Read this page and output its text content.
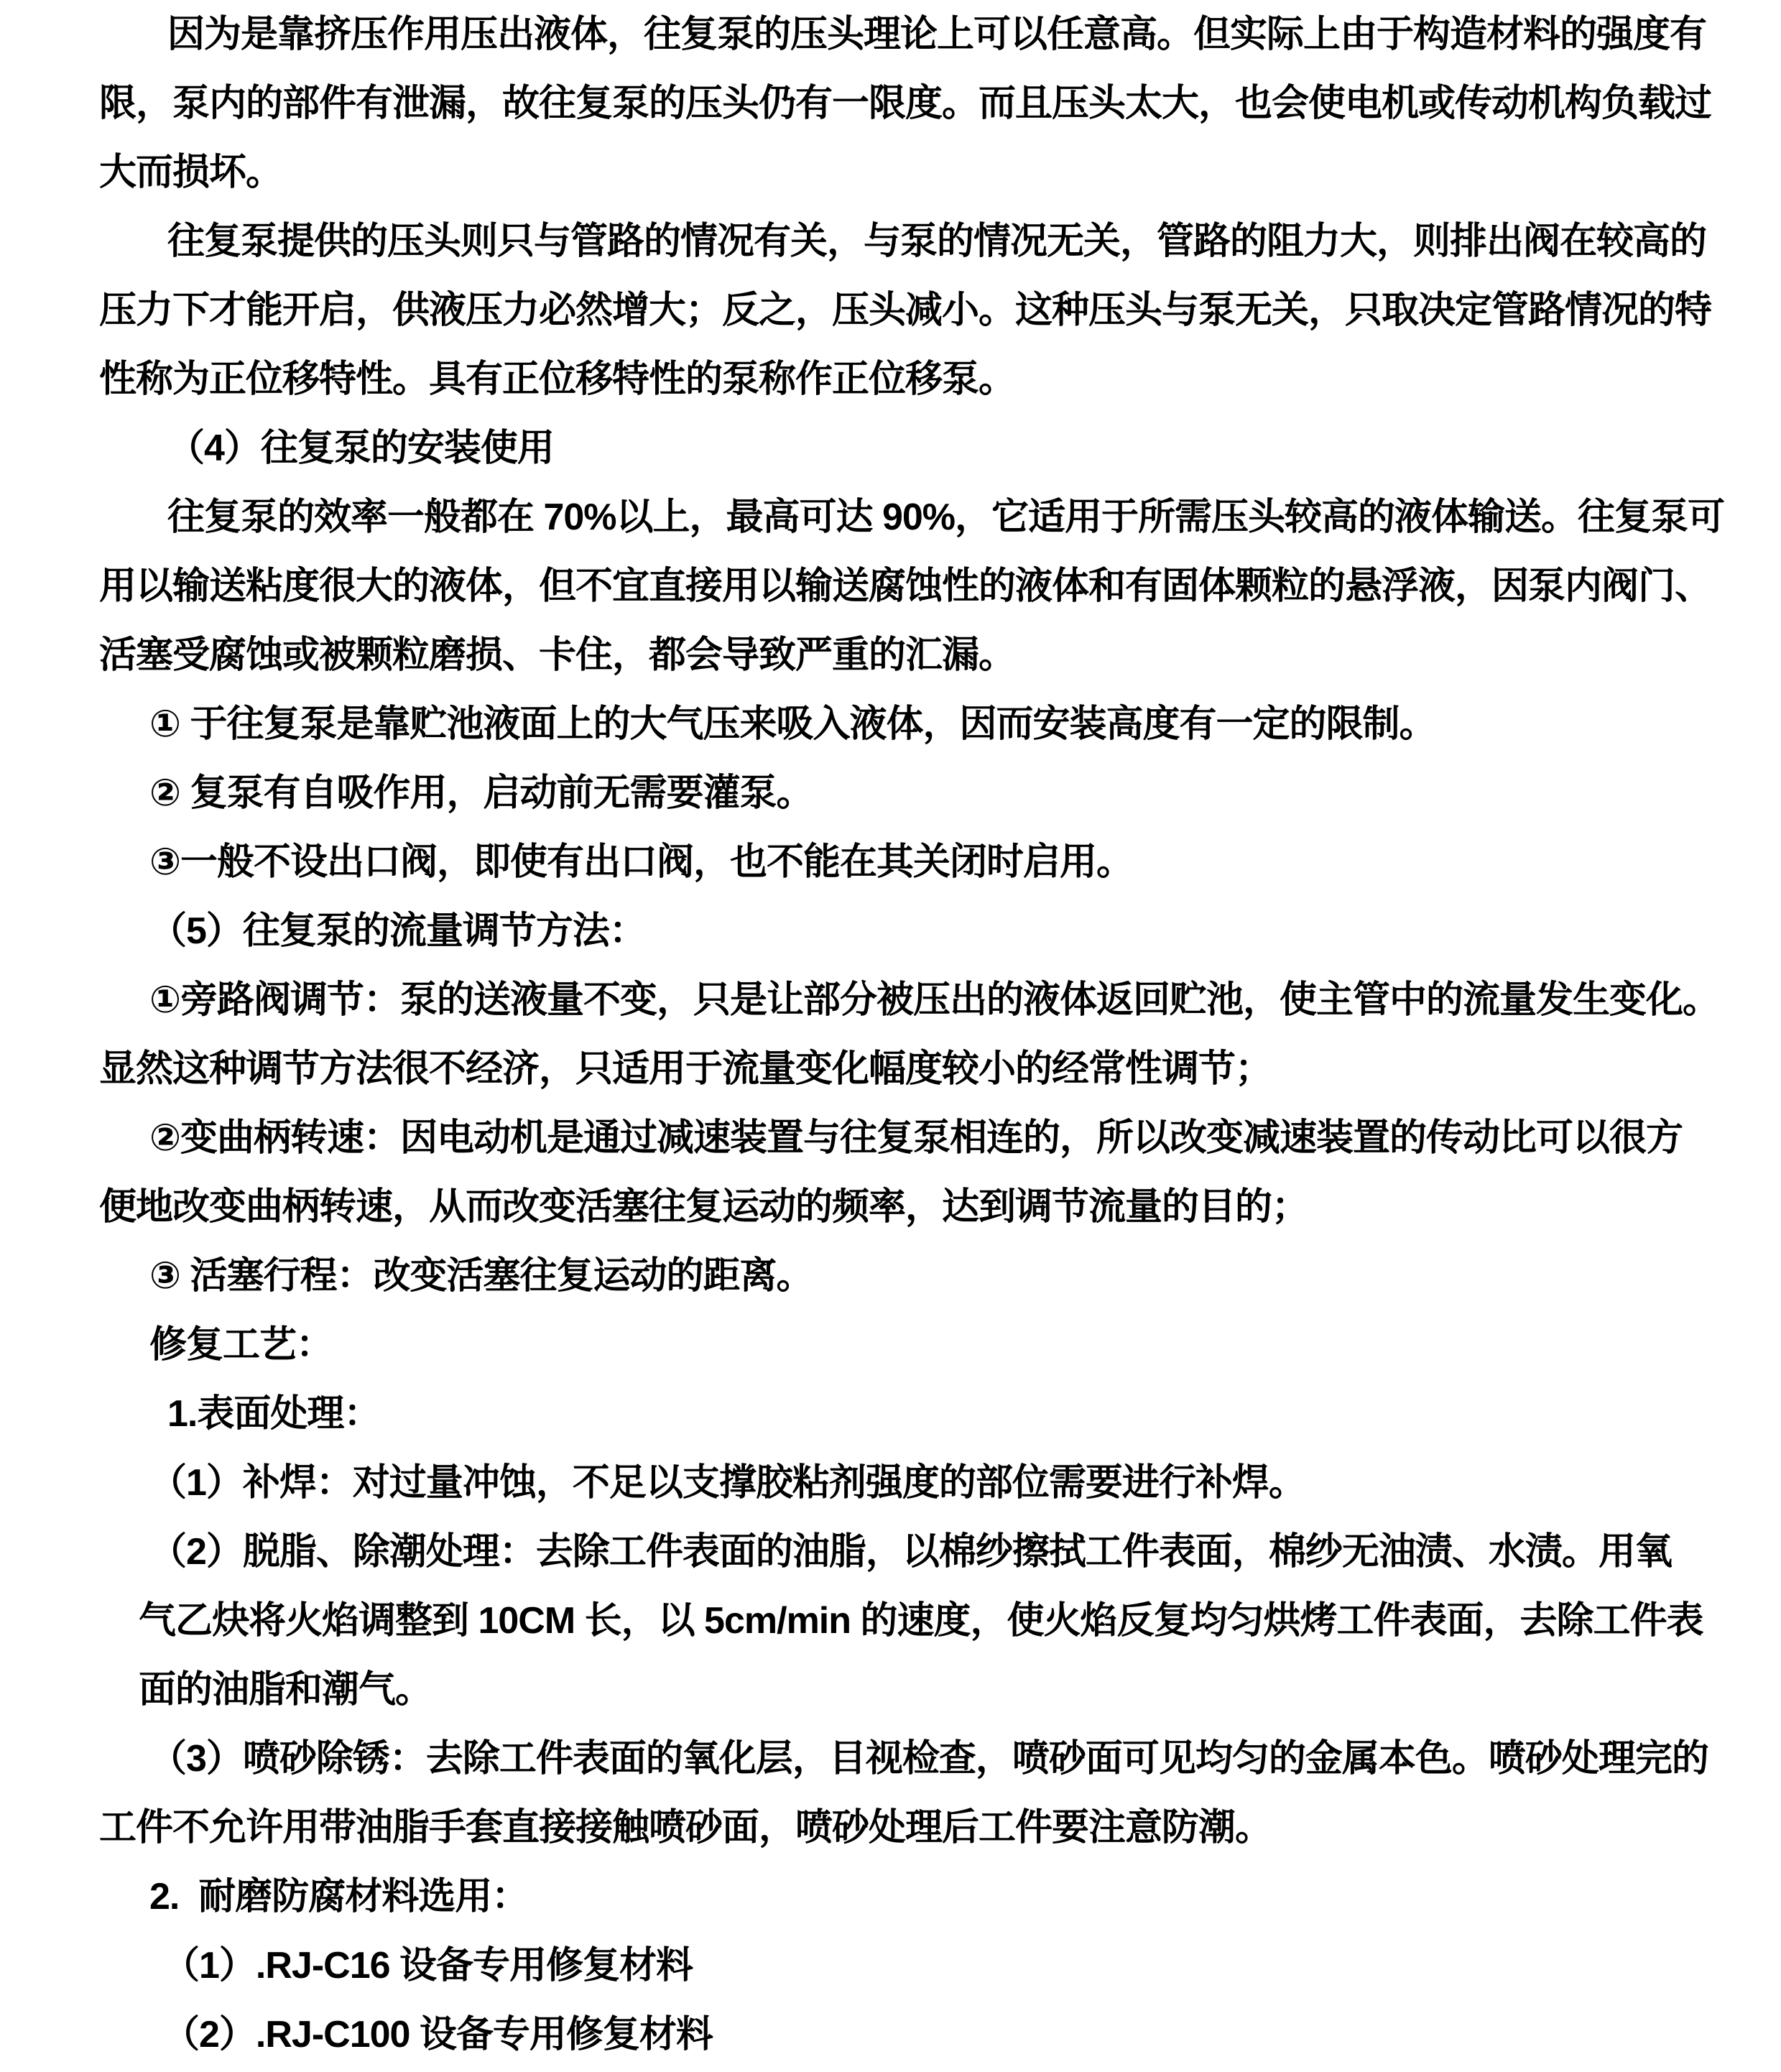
因为是靠挤压作用压出液体，往复泵的压头理论上可以任意高。但实际上由于构造材料的强度有
限，泵内的部件有泄漏，故往复泵的压头仍有一限度。而且压头太大，也会使电机或传动机构负载过
大而损坏。
往复泵提供的压头则只与管路的情况有关，与泵的情况无关，管路的阻力大，则排出阀在较高的
压力下才能开启，供液压力必然增大；反之，压头减小。这种压头与泵无关，只取决定管路情况的特
性称为正位移特性。具有正位移特性的泵称作正位移泵。
（4）往复泵的安装使用
往复泵的效率一般都在 70%以上，最高可达 90%，它适用于所需压头较高的液体输送。往复泵可
用以输送粘度很大的液体，但不宜直接用以输送腐蚀性的液体和有固体颗粒的悬浮液，因泵内阀门、
活塞受腐蚀或被颗粒磨损、卡住，都会导致严重的汇漏。
① 于往复泵是靠贮池液面上的大气压来吸入液体，因而安装高度有一定的限制。
② 复泵有自吸作用，启动前无需要灌泵。
③一般不设出口阀，即使有出口阀，也不能在其关闭时启用。
（5）往复泵的流量调节方法：
①旁路阀调节：泵的送液量不变，只是让部分被压出的液体返回贮池，使主管中的流量发生变化。
显然这种调节方法很不经济，只适用于流量变化幅度较小的经常性调节；
②变曲柄转速：因电动机是通过减速装置与往复泵相连的，所以改变减速装置的传动比可以很方
便地改变曲柄转速，从而改变活塞往复运动的频率，达到调节流量的目的；
③ 活塞行程：改变活塞往复运动的距离。
修复工艺：
1.表面处理：
（1）补焊：对过量冲蚀，不足以支撑胶粘剂强度的部位需要进行补焊。
（2）脱脂、除潮处理：去除工件表面的油脂，以棉纱擦拭工件表面，棉纱无油渍、水渍。用氧
气乙炔将火焰调整到 10CM 长，以 5cm/min 的速度，使火焰反复均匀烘烤工件表面，去除工件表
面的油脂和潮气。
（3）喷砂除锈：去除工件表面的氧化层，目视检查，喷砂面可见均匀的金属本色。喷砂处理完的
工件不允许用带油脂手套直接接触喷砂面，喷砂处理后工件要注意防潮。
2.  耐磨防腐材料选用：
（1）.RJ-C16 设备专用修复材料
（2）.RJ-C100 设备专用修复材料
